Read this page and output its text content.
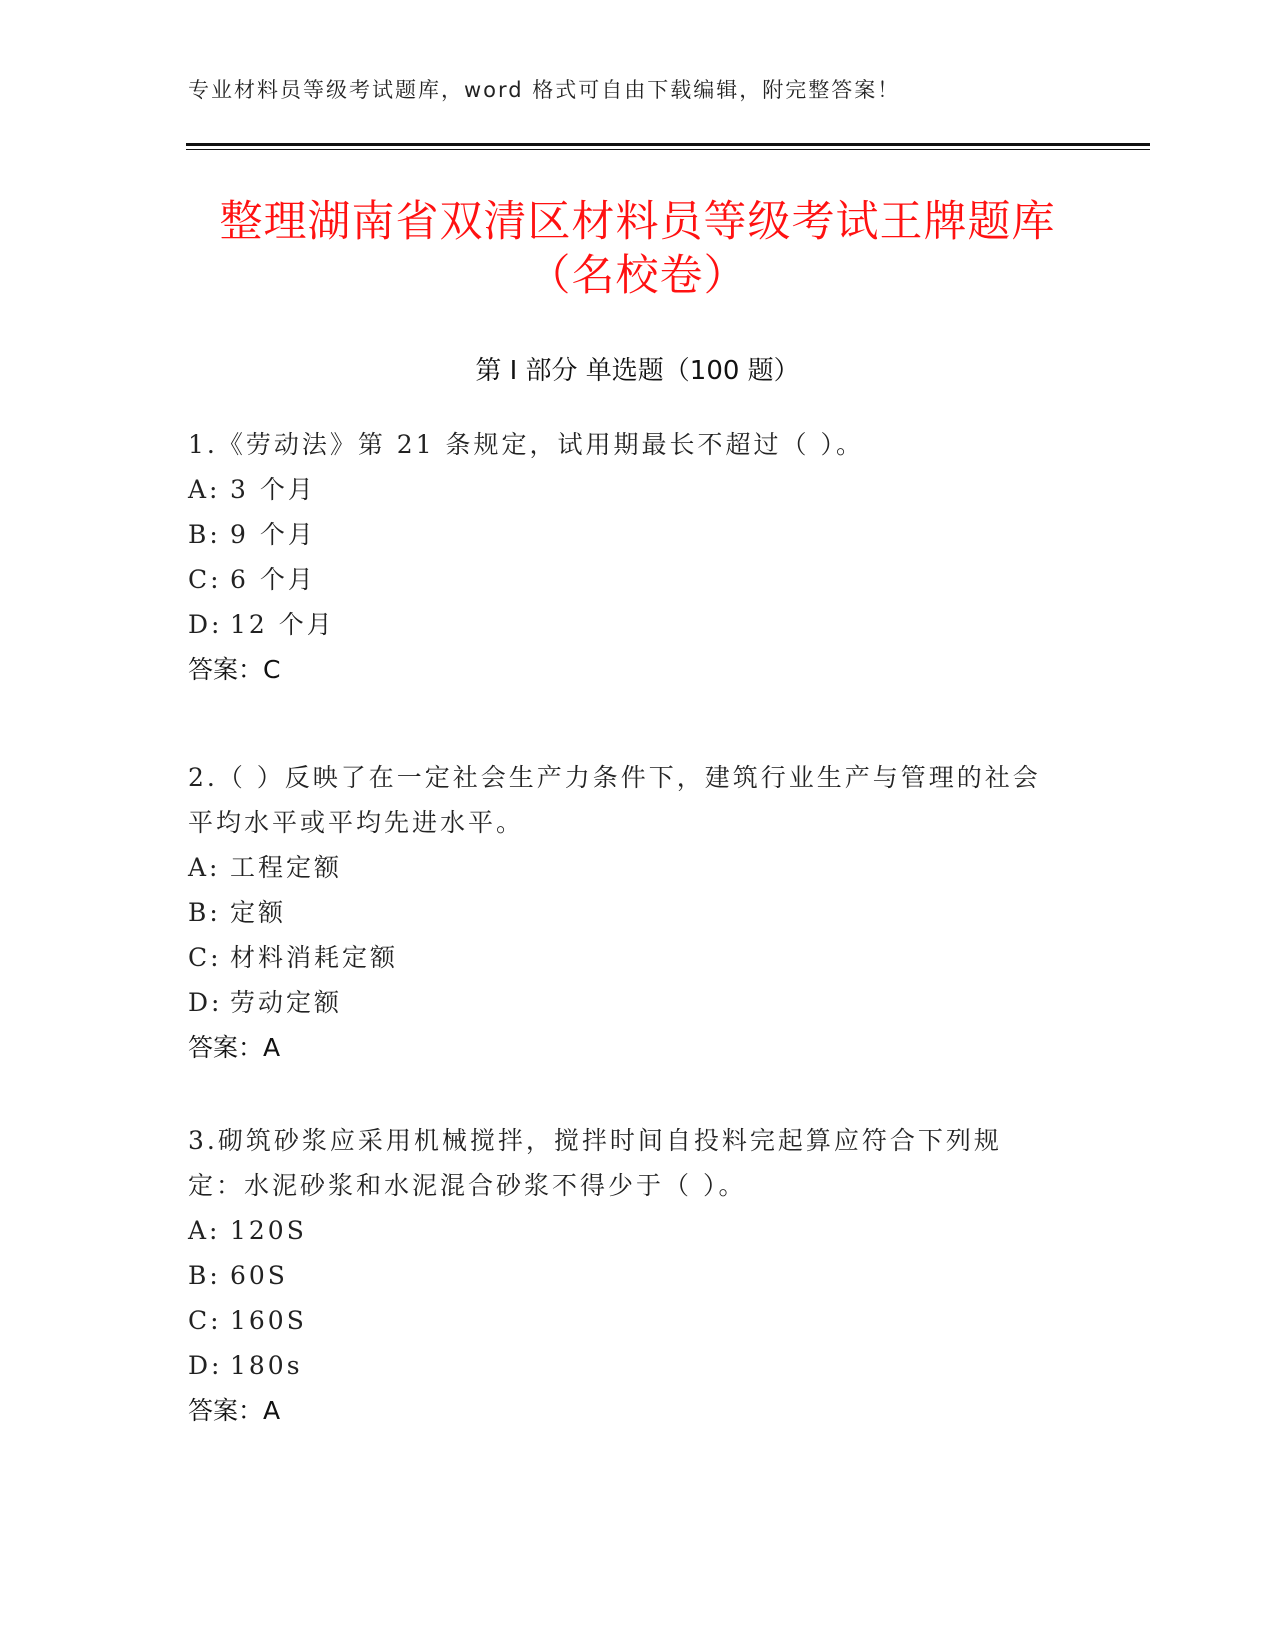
专业材料员等级考试题库，word 格式可自由下载编辑，附完整答案！
整理湖南省双清区材料员等级考试王牌题库
（名校卷）
第 I 部分 单选题（100 题）
1.《劳动法》第 21 条规定，试用期最长不超过（ ）。
A: 3 个月
B: 9 个月
C: 6 个月
D: 12 个月
答案：C
2.（ ）反映了在一定社会生产力条件下，建筑行业生产与管理的社会平均水平或平均先进水平。
A: 工程定额
B: 定额
C: 材料消耗定额
D: 劳动定额
答案：A
3.砌筑砂浆应采用机械搅拌，搅拌时间自投料完起算应符合下列规定：水泥砂浆和水泥混合砂浆不得少于（ ）。
A: 120S
B: 60S
C: 160S
D: 180s
答案：A
